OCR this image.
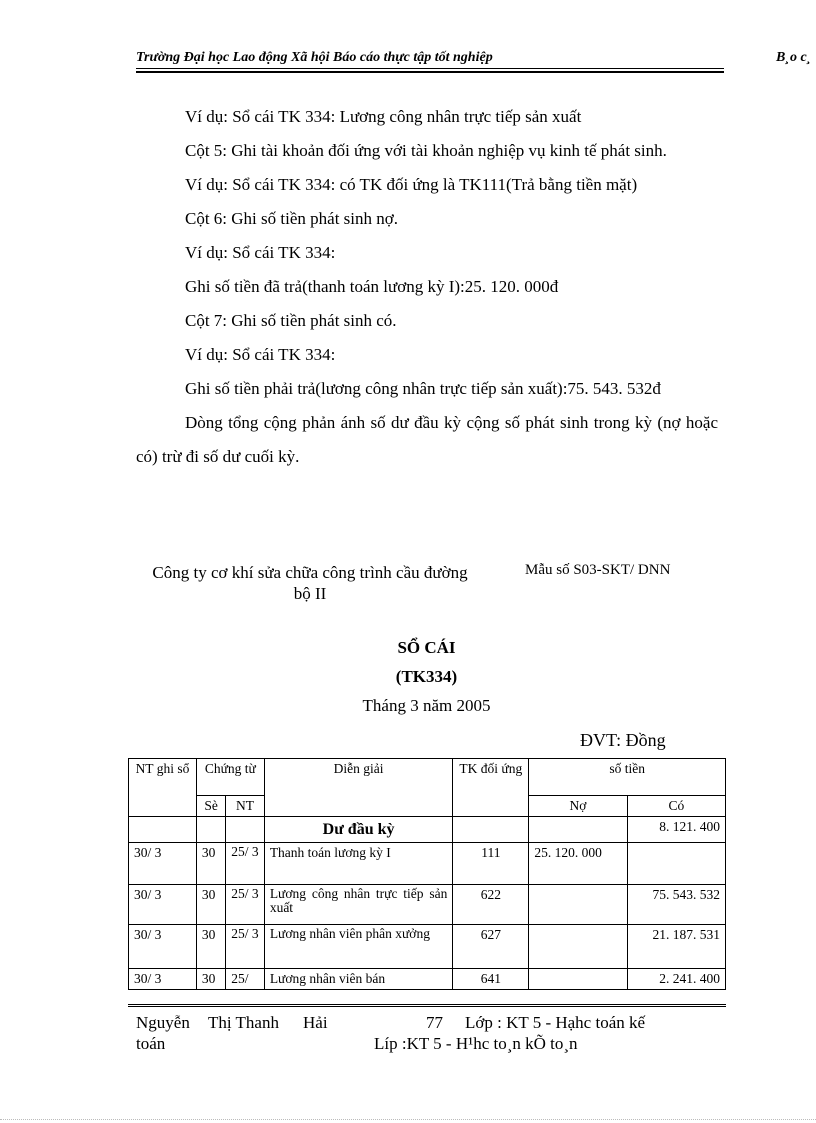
Trường Đại học Lao động Xã hội Báo cáo thực tập tốt nghiệp	B¸o c¸

Ví dụ: Sổ cái TK 334: Lương công nhân trực tiếp sản xuất

Cột 5: Ghi tài khoản đối ứng với tài khoản nghiệp vụ kinh tế phát sinh.

Ví dụ: Sổ cái TK 334: có TK đối ứng là TK111(Trả bằng tiền mặt)

Cột 6: Ghi số tiền phát sinh nợ.

Ví dụ: Sổ cái TK 334:

Ghi số tiền đã trả(thanh toán lương kỳ I):25. 120. 000đ

Cột 7: Ghi số tiền phát sinh có.

Ví dụ: Sổ cái TK 334:

Ghi số tiền phải trả(lương công nhân trực tiếp sản xuất):75. 543. 532đ

Dòng tổng cộng phản ánh số dư đầu kỳ cộng số phát sinh trong kỳ (nợ hoặc có) trừ đi số dư cuối kỳ.

Công ty cơ khí sửa chữa công trình cầu đường bộ II
Mẫu số S03-SKT/ DNN
SỔ CÁI
(TK334)
Tháng 3 năm 2005
ĐVT: Đồng
NT ghi sổ	Chứng từ		Diễn giải	TK đối ứng	số tiền	
	Sè	NT			Nợ	Có
			Dư đầu kỳ			8. 121. 400
30/ 3	30	25/ 3	Thanh toán lương kỳ I	111	25. 120. 000	
30/ 3	30	25/ 3	Lương công nhân trực tiếp sản xuất	622		75. 543. 532
30/ 3	30	25/ 3	Lương nhân viên phân xưởng	627		21. 187. 531
30/ 3	30	25/	Lương nhân viên bán	641		2. 241. 400
Nguyễn Thị Thanh Hải
toán
77 Lớp : KT 5 - Hạhc toán kế
Líp :KT 5 - H¹hc to¸n kÕ to¸n
